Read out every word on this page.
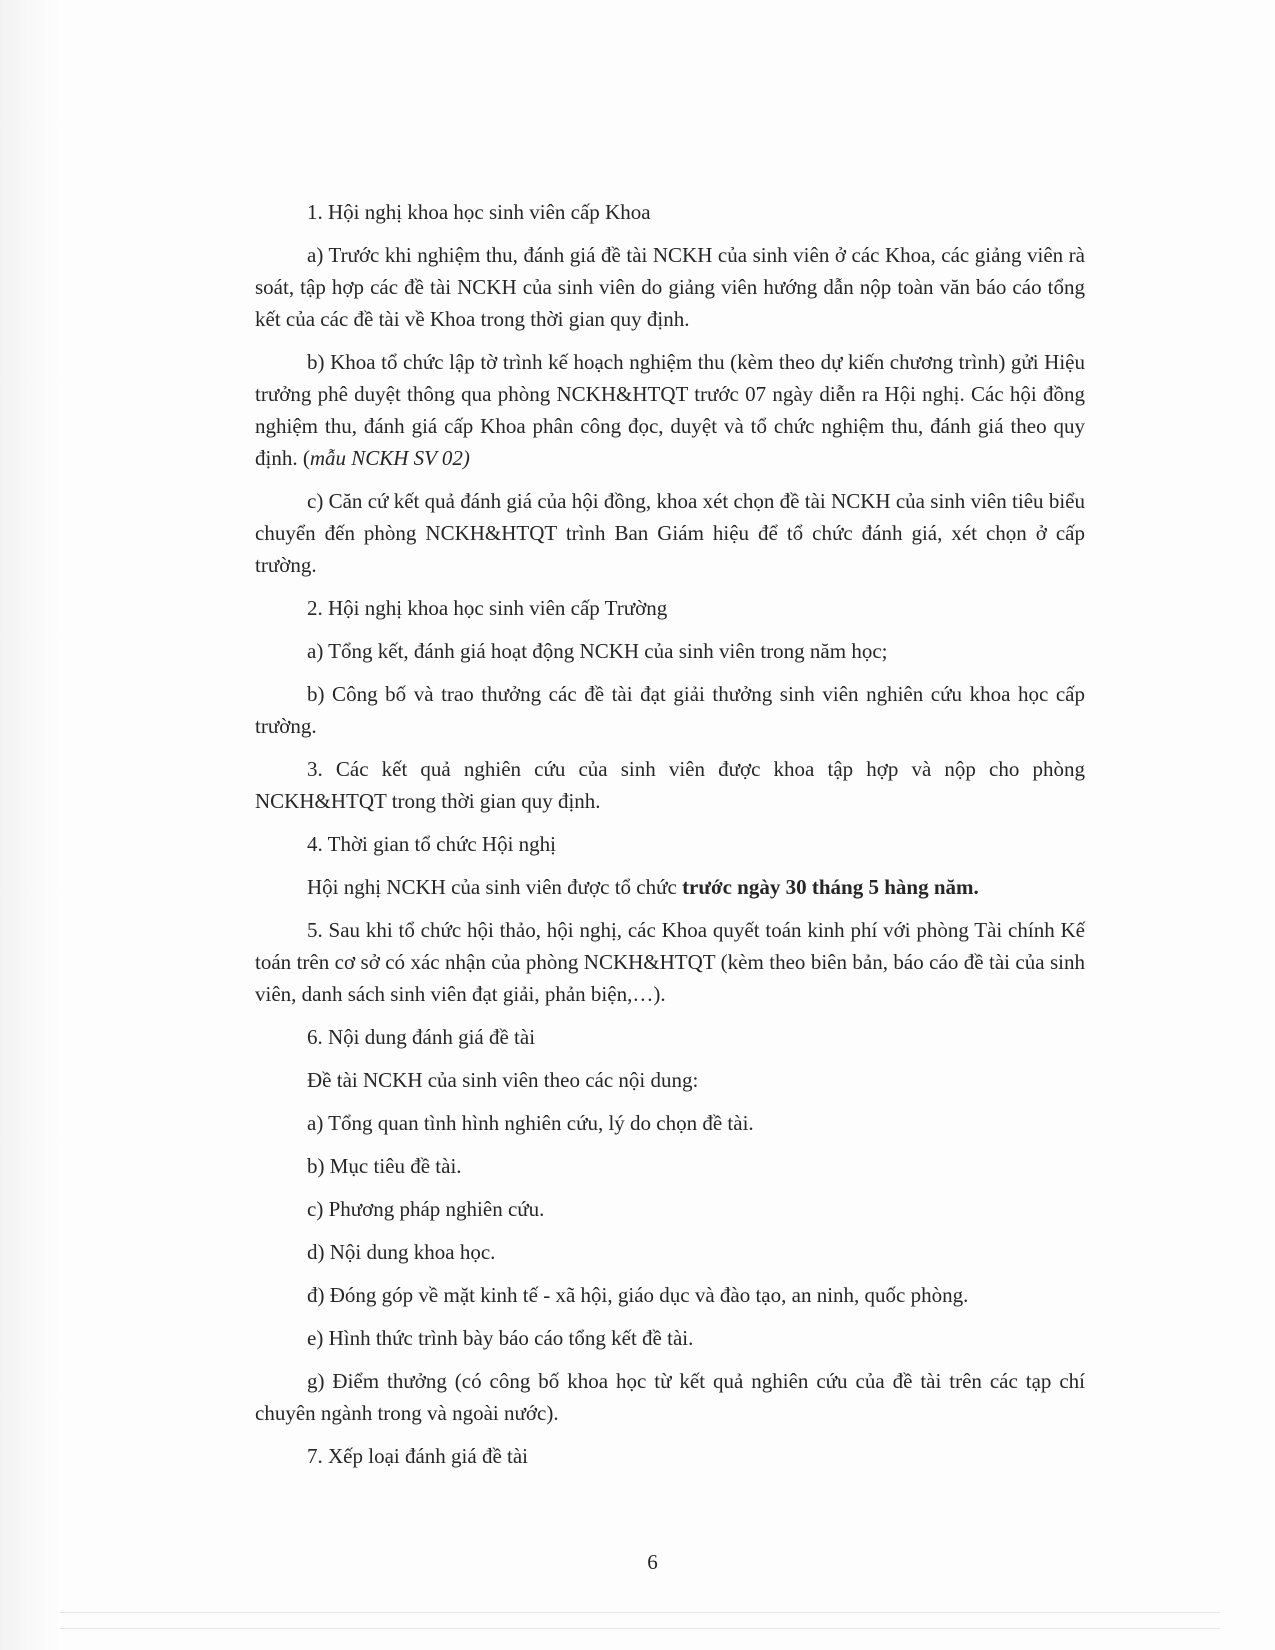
1. Hội nghị khoa học sinh viên cấp Khoa

a) Trước khi nghiệm thu, đánh giá đề tài NCKH của sinh viên ở các Khoa, các giảng viên rà soát, tập hợp các đề tài NCKH của sinh viên do giảng viên hướng dẫn nộp toàn văn báo cáo tổng kết của các đề tài về Khoa trong thời gian quy định.

b) Khoa tổ chức lập tờ trình kế hoạch nghiệm thu (kèm theo dự kiến chương trình) gửi Hiệu trưởng phê duyệt thông qua phòng NCKH&HTQT trước 07 ngày diễn ra Hội nghị. Các hội đồng nghiệm thu, đánh giá cấp Khoa phân công đọc, duyệt và tổ chức nghiệm thu, đánh giá theo quy định. (mẫu NCKH SV 02)

c) Căn cứ kết quả đánh giá của hội đồng, khoa xét chọn đề tài NCKH của sinh viên tiêu biểu chuyển đến phòng NCKH&HTQT trình Ban Giám hiệu để tổ chức đánh giá, xét chọn ở cấp trường.

2. Hội nghị khoa học sinh viên cấp Trường

a) Tổng kết, đánh giá hoạt động NCKH của sinh viên trong năm học;

b) Công bố và trao thưởng các đề tài đạt giải thưởng sinh viên nghiên cứu khoa học cấp trường.

3. Các kết quả nghiên cứu của sinh viên được khoa tập hợp và nộp cho phòng NCKH&HTQT trong thời gian quy định.

4. Thời gian tổ chức Hội nghị

Hội nghị NCKH của sinh viên được tổ chức trước ngày 30 tháng 5 hàng năm.

5. Sau khi tổ chức hội thảo, hội nghị, các Khoa quyết toán kinh phí với phòng Tài chính Kế toán trên cơ sở có xác nhận của phòng NCKH&HTQT (kèm theo biên bản, báo cáo đề tài của sinh viên, danh sách sinh viên đạt giải, phản biện,…).

6. Nội dung đánh giá đề tài

Đề tài NCKH của sinh viên theo các nội dung:

a) Tổng quan tình hình nghiên cứu, lý do chọn đề tài.

b) Mục tiêu đề tài.

c) Phương pháp nghiên cứu.

d) Nội dung khoa học.

đ) Đóng góp về mặt kinh tế - xã hội, giáo dục và đào tạo, an ninh, quốc phòng.

e) Hình thức trình bày báo cáo tổng kết đề tài.

g) Điểm thưởng (có công bố khoa học từ kết quả nghiên cứu của đề tài trên các tạp chí chuyên ngành trong và ngoài nước).

7. Xếp loại đánh giá đề tài

6
